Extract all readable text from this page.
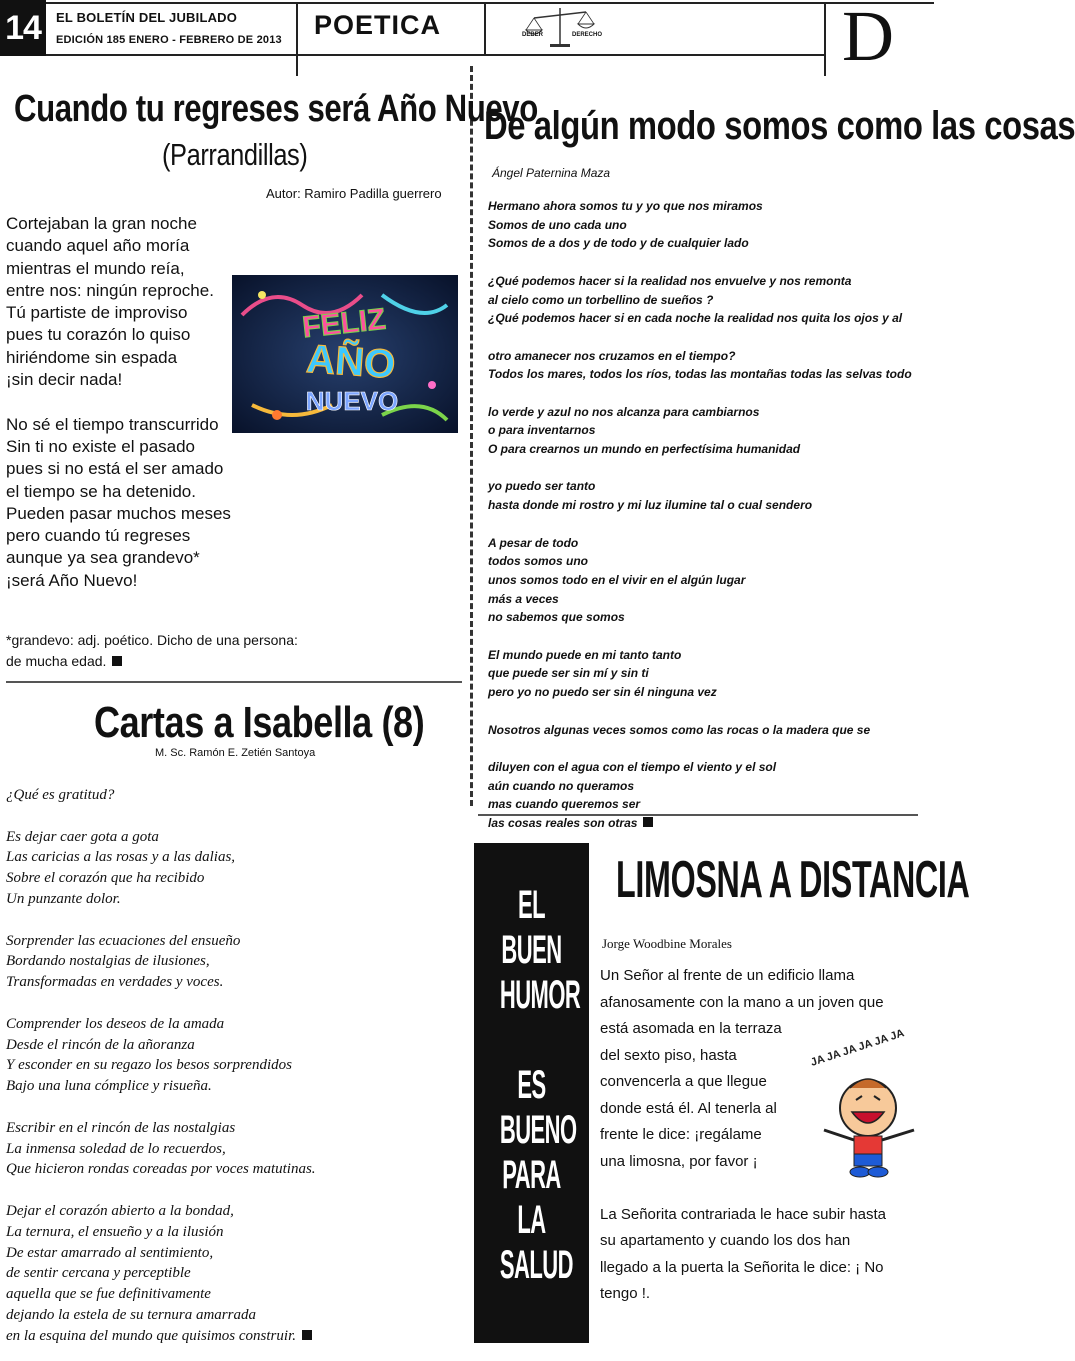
14	EL BOLETÍN DEL JUBILADO
EDICIÓN 185 ENERO - FEBRERO DE 2013 POETICA	DEBER	DERECHO	D
Cuando tu regreses será Año Nuevo
(Parrandillas)
Autor: Ramiro Padilla guerrero

Cortejaban la gran noche

cuando aquel año moría

mientras el mundo reía,

entre nos: ningún reproche.

Tú partiste de improviso

pues tu corazón lo quiso

hiriéndome sin espada

¡sin decir nada!

No sé el tiempo transcurrido

Sin ti no existe el pasado

pues si no está el ser amado

el tiempo se ha detenido.

Pueden pasar muchos meses

pero cuando tú regreses

aunque ya sea grandevo*

¡será Año Nuevo!

FELIZ
AÑO
NUEVO
*grandevo: adj. poético. Dicho de una persona:
de mucha edad.
Cartas a Isabella (8)
M. Sc. Ramón E. Zetién Santoya

¿Qué es gratitud?

Es dejar caer gota a gota

Las caricias a las rosas y a las dalias,

Sobre el corazón que ha recibido

Un punzante dolor.

Sorprender las ecuaciones del ensueño

Bordando nostalgias de ilusiones,

Transformadas en verdades y voces.

Comprender los deseos de la amada

Desde el rincón de la añoranza

Y esconder en su regazo los besos sorprendidos

Bajo una luna cómplice y risueña.

Escribir en el rincón de las nostalgias

La inmensa soledad de lo recuerdos,

Que hicieron rondas coreadas por voces matutinas.

Dejar el corazón abierto a la bondad,

La ternura, el ensueño y a la ilusión

De estar amarrado al sentimiento,

de sentir cercana y perceptible

aquella que se fue definitivamente

dejando la estela de su ternura amarrada

en la esquina del mundo que quisimos construir.

De algún modo somos como las cosas
Ángel Paternina Maza

Hermano ahora somos tu y yo que nos miramos

Somos de uno cada uno

Somos de a dos y de todo y de cualquier lado

¿Qué podemos hacer si la realidad nos envuelve y nos remonta

al cielo como un torbellino de sueños ?

¿Qué podemos hacer si en cada noche la realidad nos quita los ojos y al

otro amanecer nos cruzamos en el tiempo?

Todos los mares, todos los ríos, todas las montañas todas las selvas todo

lo verde y azul no nos alcanza para cambiarnos

o para inventarnos

O para crearnos un mundo en perfectísima humanidad

yo puedo ser tanto

hasta donde mi rostro y mi luz ilumine tal o cual sendero

A pesar de todo

todos somos uno

unos somos todo en el vivir en el algún lugar

más a veces

no sabemos que somos

El mundo puede en mi tanto tanto

que puede ser sin mí y sin ti

pero yo no puedo ser sin él ninguna vez

Nosotros algunas veces somos como las rocas o la madera que se

diluyen con el agua con el tiempo el viento y el sol

aún cuando no queramos

mas cuando queremos ser

las cosas reales son otras

EL BUEN
HUMOR
ES BUENO
PARA LA
SALUD
LIMOSNA A DISTANCIA
Jorge Woodbine Morales

Un Señor al frente de un edificio llama

afanosamente con la mano a un joven que

está asomada en la terraza

del sexto piso, hasta

convencerla a que llegue

donde está él. Al tenerla al

frente le dice: ¡regálame

una limosna, por favor ¡

La Señorita contrariada le hace subir hasta

su apartamento y cuando los dos han

llegado a la puerta la Señorita le dice: ¡ No

tengo !.

JA JA JA JA JA JA
